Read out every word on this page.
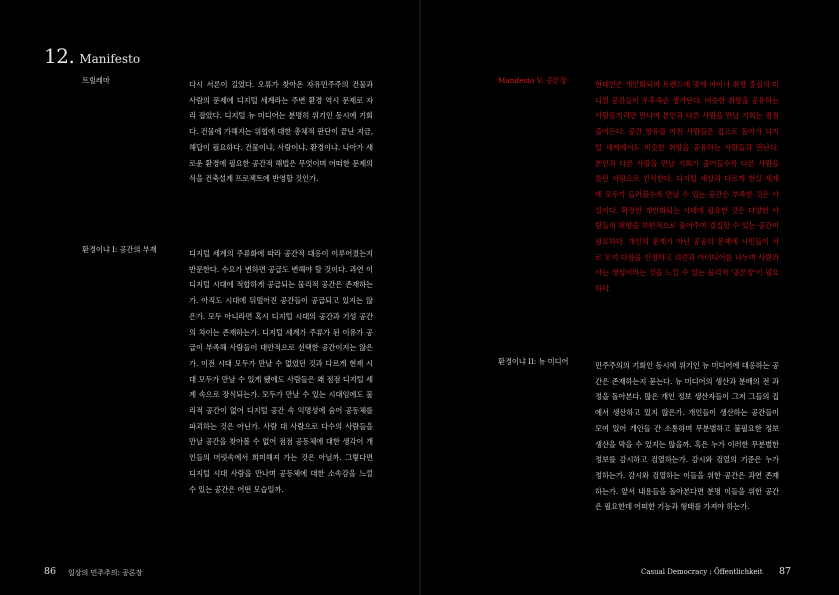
12. Manifesto
트릴레마	다시 서론이 길었다. 오류가 찾아온 자유민주주의 건물과 사람의 문제에 디지털 세계라는 주변 환경 역시 문제로 자리 잡았다. 디지털 뉴 미디어는 분명히 위기인 동시에 기회다. 건물에 가해지는 위협에 대한 총체적 판단이 끝난 지금, 해답이 필요하다. 건물이냐, 사람이냐, 환경이냐. 나아가 새로운 환경에 필요한 공간적 해법은 무엇이며 어떠한 문제의식을 건축설계 프로젝트에 반영할 것인가.
환경이냐 I: 공간의 부재	디지털 세계의 주류화에 따라 공간적 대응이 이루어졌는지 반문한다. 수요가 변하면 공급도 변해야 할 것이다. 과연 이 디지털 시대에 적합하게 공급되는 물리적 공간은 존재하는가. 아직도 시대에 뒤떨어진 공간들이 공급되고 있지는 않은가. 모두 아니라면 혹시 디지털 시대의 공간과 기성 공간의 차이는 존재하는가. 디지털 세계가 주류가 된 이유가 공급이 부족해 사람들이 대안적으로 선택한 공간이지는 않은가. 이전 시대 모두가 만날 수 없었던 것과 다르게 현재 시대 모두가 만날 수 있게 됐에도 사람들은 왜 점점 디지털 세계 속으로 장식되는가. 모두가 만날 수 있는 시대임에도 물리적 공간이 없어 디지털 공간 속 익명성에 숨어 공동체를 파괴하는 것은 아닌가. 사람 대 사람으로 다수의 사람들을 만날 공간을 찾아볼 수 없어 점점 공동체에 대한 생각이 개인들의 머릿속에서 희미해져 가는 것은 아닐까. 그렇다면 디지털 시대 사람을 만나며 공동체에 대한 소속감을 느낄 수 있는 공간은 어떤 모습일까.
86 일상의 민주주의: 공론장
Manifesto V: 공론장	현대인은 개인화되며 트렌드에 맞게 마이너 취향 중심의 미니멀 공간들이 우후죽순 생겨난다. 비슷한 취향을 공유하는 사람들끼리만 만나며 본인과 다른 사람을 만날 기회는 점점 줄어든다. 공간 향유를 마친 사람들은 집으로 돌아가 디지털 세계에서도 비슷한 취향을 공유하는 사람들과 만난다. 본인과 다른 사람을 만날 기회가 줄어들수록 다른 사람을 틀린 사람으로 인식한다. 디지털 세상과 다르게 현실 세계에 모두가 들러볼수록 만날 수 있는 공간은 부족한 것은 사실이다. 확장한 개인화되는 시대에 필요한 것은 다양한 사람들의 취향을 보편적으로 풀어주며 결집할 수 있는 공간이 필요하다. 개인의 문제가 아닌 공공의 문제에 시민들이 서로 모여 다름을 인정하고 의견과 아이디어를 나누며 사람과 사는 생성이라는 것을 느낄 수 있는 물리적 '공론장'이 필요하다.
환경이냐 II: 뉴 미디어	민주주의의 기회인 동시에 위기인 뉴 미디어에 대응하는 공간은 존재하는지 묻는다. 뉴 미디어의 생산과 분배의 전 과정을 돌아본다. 많은 개인 정보 생산자들이 그저 그들의 집에서 생산하고 있지 않은가. 개인들이 생산하는 공간들이 모여 있어 개인들 간 소통하며 무분별하고 불필요한 정보 생산을 막을 수 있지는 않을까. 혹은 누가 이러한 무분별한 정보를 감시하고 검열하는가. 감시와 검열의 기준은 누가 정하는가. 감시와 검열하는 이들을 위한 공간은 과연 존재하는가. 앞서 내용들을 돌아본다면 분명 이들을 위한 공간은 필요한데 어떠한 기능과 형태를 가져야 하는가.
Casual Democracy : Öffentlichkeit 87
